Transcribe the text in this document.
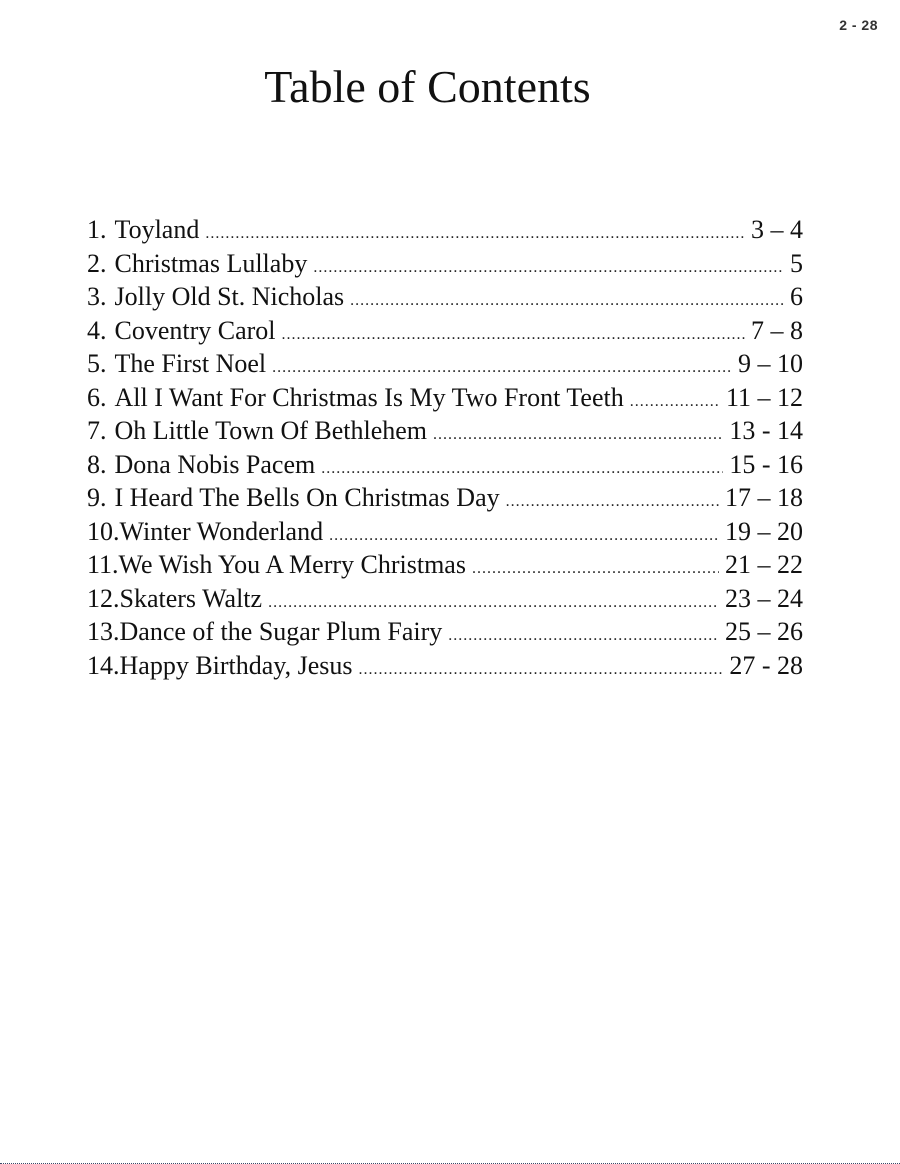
2 - 28
Table of Contents
1. Toyland .....	3 – 4
2. Christmas Lullaby .....	5
3. Jolly Old St. Nicholas .....	6
4. Coventry Carol .....	7 – 8
5. The First Noel .....	9 – 10
6. All I Want For Christmas Is My Two Front Teeth .....	11 – 12
7. Oh Little Town Of Bethlehem .....	13 - 14
8. Dona Nobis Pacem .....	15 - 16
9. I Heard The Bells On Christmas Day .....	17 – 18
10. Winter Wonderland .....	19 – 20
11. We Wish You A Merry Christmas .....	21 – 22
12. Skaters Waltz .....	23 – 24
13. Dance of the Sugar Plum Fairy .....	25 – 26
14. Happy Birthday, Jesus .....	27 - 28
